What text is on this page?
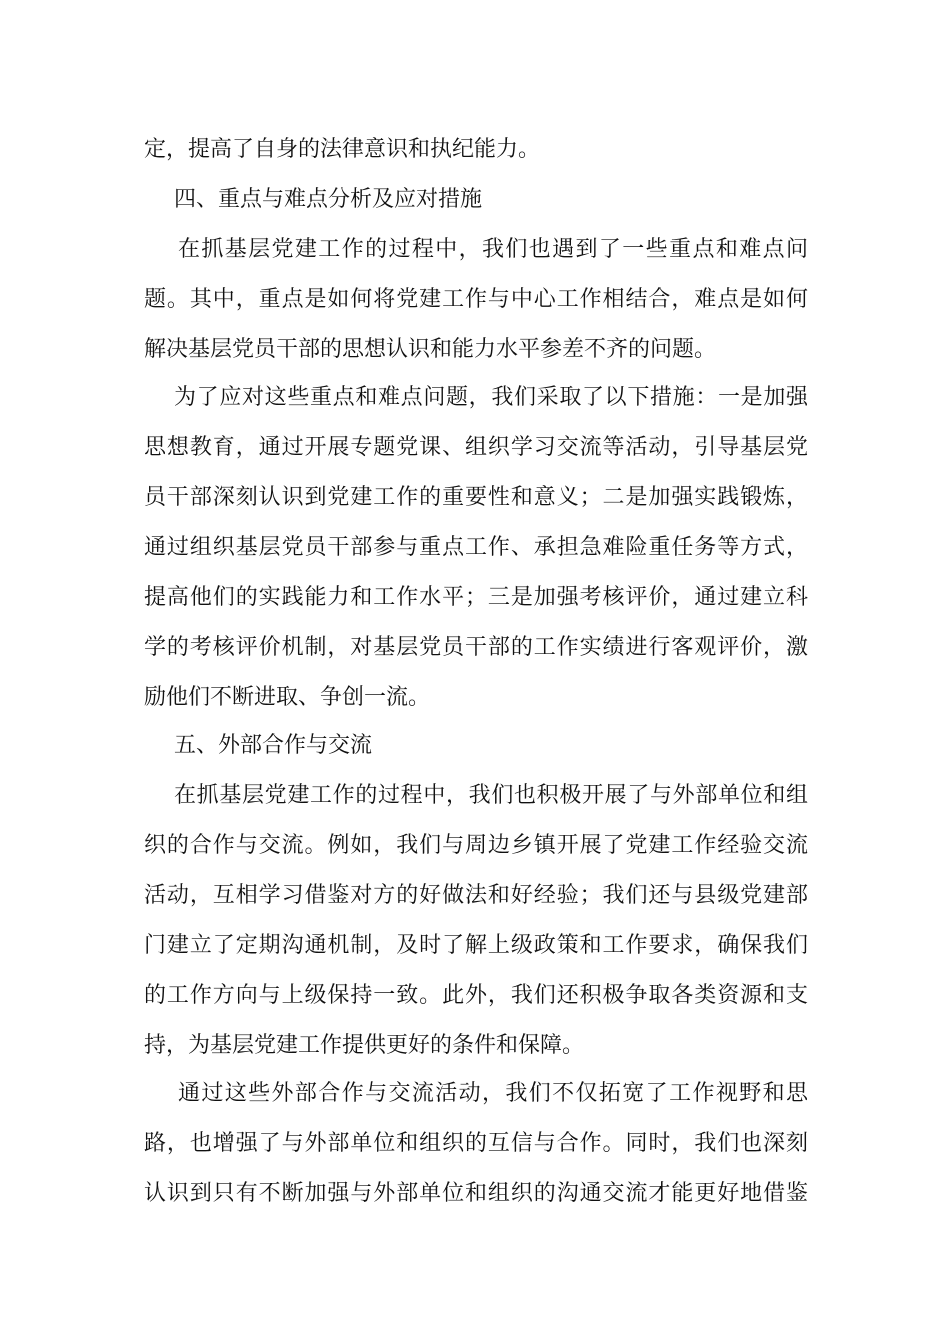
定，提高了自身的法律意识和执纪能力。
四、重点与难点分析及应对措施
在抓基层党建工作的过程中，我们也遇到了一些重点和难点问
题。其中，重点是如何将党建工作与中心工作相结合，难点是如何
解决基层党员干部的思想认识和能力水平参差不齐的问题。
为了应对这些重点和难点问题，我们采取了以下措施：一是加强
思想教育，通过开展专题党课、组织学习交流等活动，引导基层党
员干部深刻认识到党建工作的重要性和意义；二是加强实践锻炼，
通过组织基层党员干部参与重点工作、承担急难险重任务等方式，
提高他们的实践能力和工作水平；三是加强考核评价，通过建立科
学的考核评价机制，对基层党员干部的工作实绩进行客观评价，激
励他们不断进取、争创一流。
五、外部合作与交流
在抓基层党建工作的过程中，我们也积极开展了与外部单位和组
织的合作与交流。例如，我们与周边乡镇开展了党建工作经验交流
活动，互相学习借鉴对方的好做法和好经验；我们还与县级党建部
门建立了定期沟通机制，及时了解上级政策和工作要求，确保我们
的工作方向与上级保持一致。此外，我们还积极争取各类资源和支
持，为基层党建工作提供更好的条件和保障。
通过这些外部合作与交流活动，我们不仅拓宽了工作视野和思
路，也增强了与外部单位和组织的互信与合作。同时，我们也深刻
认识到只有不断加强与外部单位和组织的沟通交流才能更好地借鉴
